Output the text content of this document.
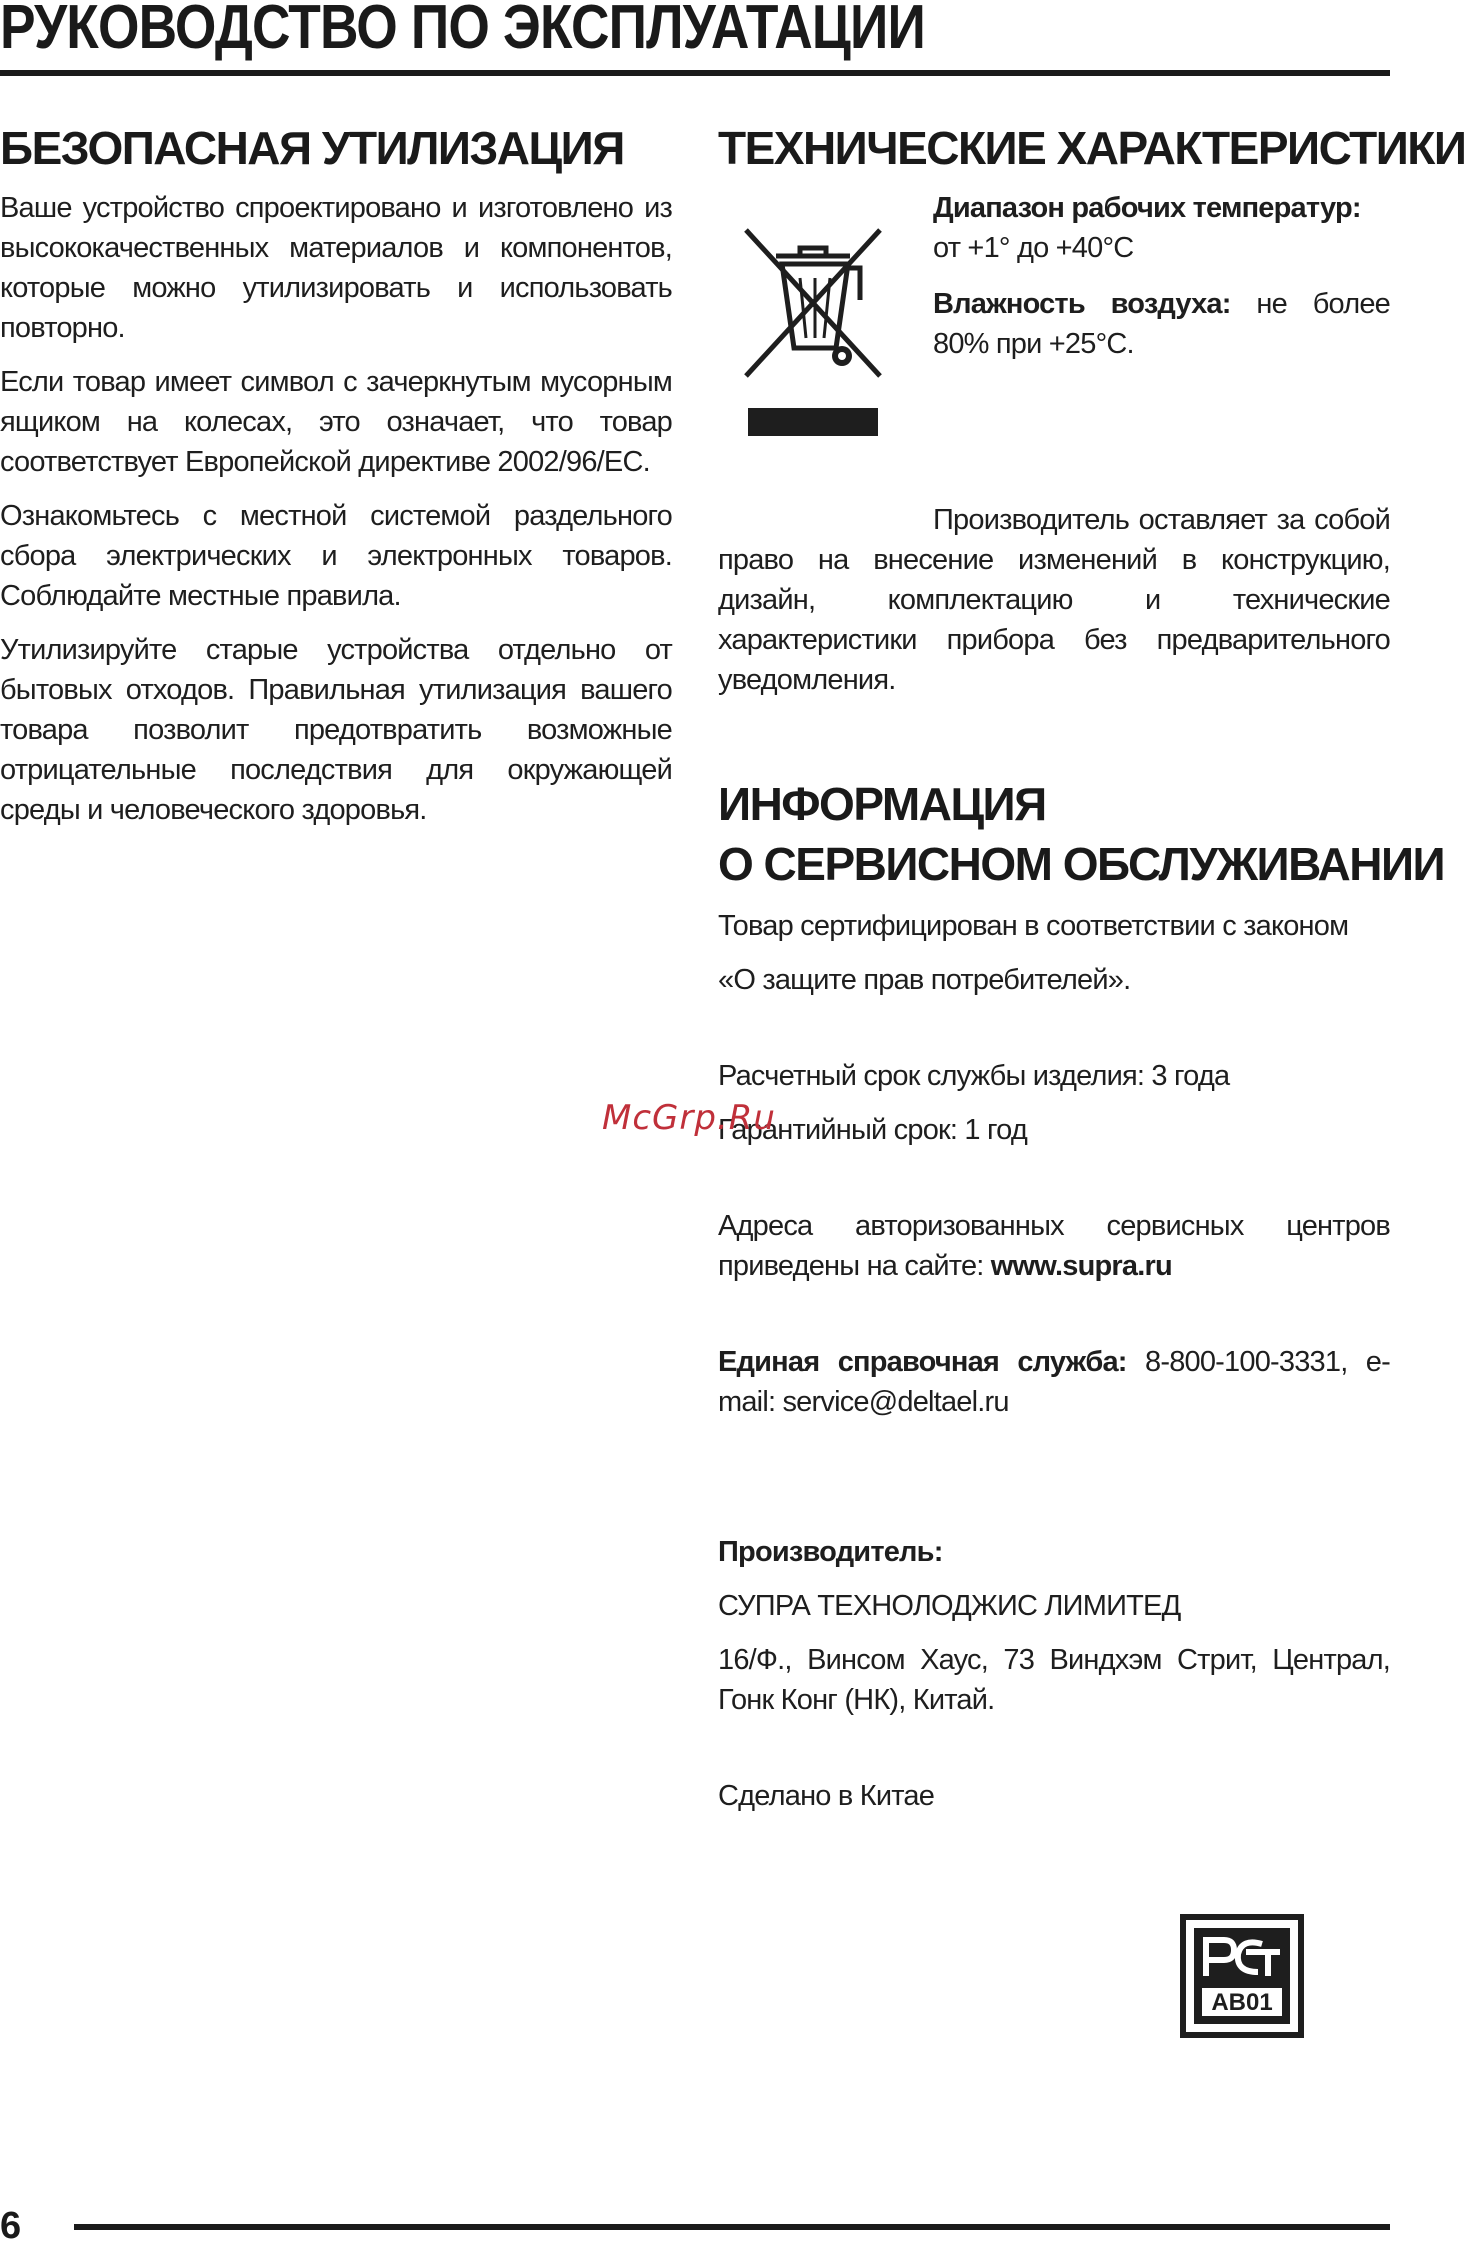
РУКОВОДСТВО ПО ЭКСПЛУАТАЦИИ
БЕЗОПАСНАЯ УТИЛИЗАЦИЯ

Ваше устройство спроектировано и изготовлено из высококачественных материалов и компонентов, которые можно утилизировать и использовать повторно.

Если товар имеет символ с зачеркнутым мусорным ящиком на колесах, это означает, что товар соответствует Европейской директиве 2002/96/EC.

Ознакомьтесь с местной системой раздельного сбора электрических и электронных товаров. Соблюдайте местные правила.

Утилизируйте старые устройства отдельно от бытовых отходов. Правильная утилизация вашего товара позволит предотвратить возможные отрицательные последствия для окружающей среды и человеческого здоровья.

ТЕХНИЧЕСКИЕ ХАРАКТЕРИСТИКИ

Диапазон рабочих температур:

от +1° до +40°С

Влажность воздуха: не более 80% при +25°С.

Производитель оставляет за собой право на внесение изменений в конструкцию, дизайн, комплектацию и технические характеристики прибора без предварительного уведомления.

ИНФОРМАЦИЯ
О СЕРВИСНОМ ОБСЛУЖИВАНИИ

Товар сертифицирован в соответствии с законом

«О защите прав потребителей».

Расчетный срок службы изделия: 3 года

Гарантийный срок: 1 год

Адреса авторизованных сервисных центров приведены на сайте: www.supra.ru

Единая справочная служба: 8-800-100-3331, e-mail: service@deltael.ru

Производитель:

СУПРА ТЕХНОЛОДЖИС ЛИМИТЕД

16/Ф., Винсом Хаус, 73 Виндхэм Стрит, Централ, Гонк Конг (НК), Китай.

Сделано в Китае

McGrp.Ru
АВ01
6
